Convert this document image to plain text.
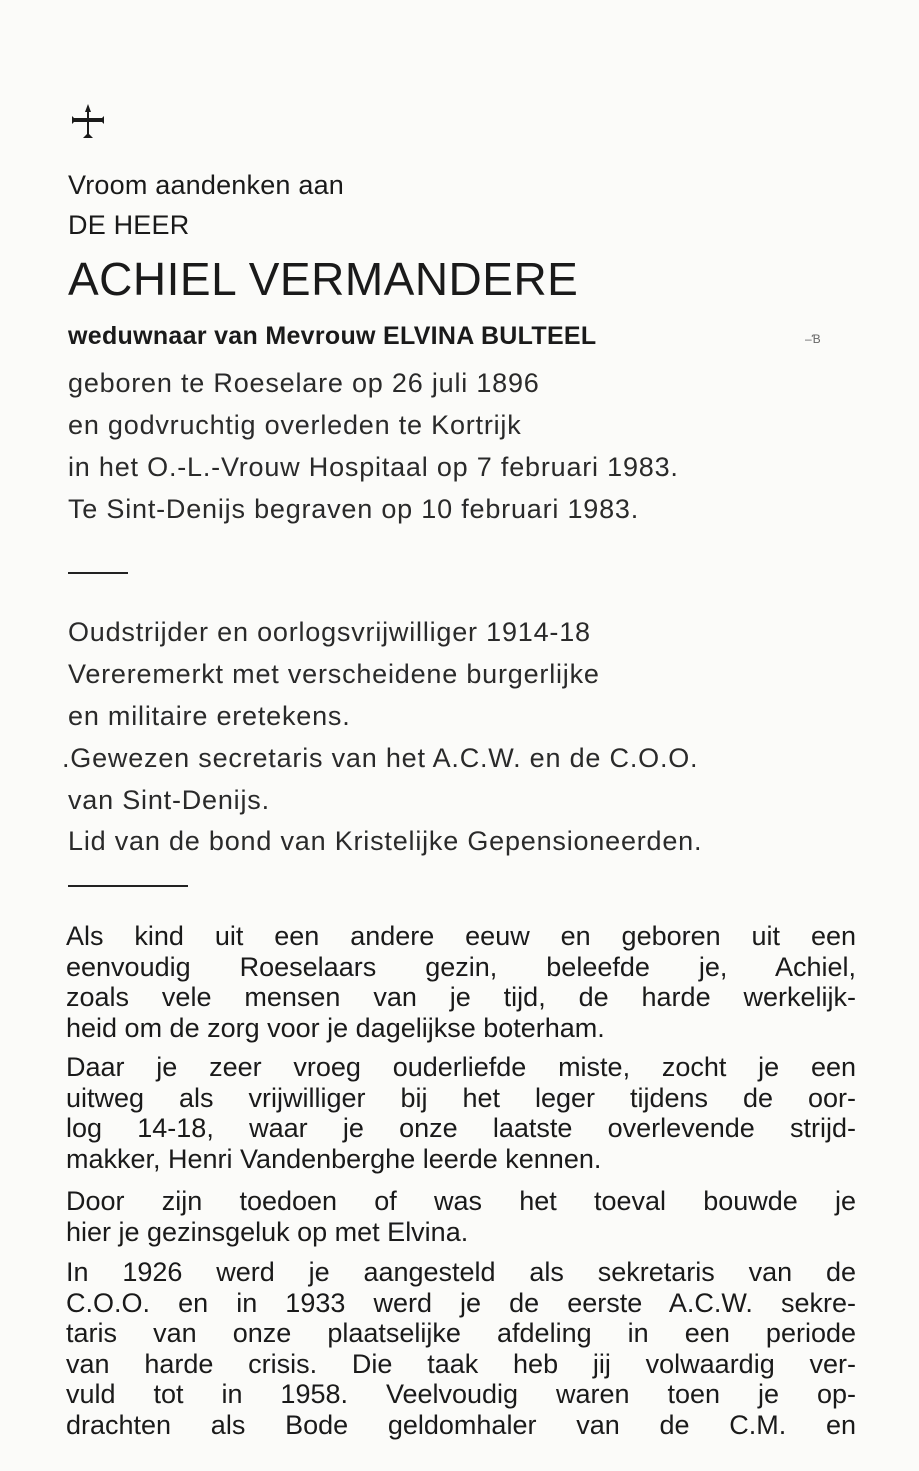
Vroom aandenken aan
DE HEER
ACHIEL VERMANDERE
weduwnaar van Mevrouw ELVINA BULTEEL	–Ɓ
geboren te Roeselare op 26 juli 1896
en godvruchtig overleden te Kortrijk
in het O.-L.-Vrouw Hospitaal op 7 februari 1983.
Te Sint-Denijs begraven op 10 februari 1983.
Oudstrijder en oorlogsvrijwilliger 1914-18
Vereremerkt met verscheidene burgerlijke
en militaire eretekens.
.Gewezen secretaris van het A.C.W. en de C.O.O.
van Sint-Denijs.
Lid van de bond van Kristelijke Gepensioneerden.
Als kind uit een andere eeuw en geboren uit een
eenvoudig Roeselaars gezin, beleefde je, Achiel,
zoals vele mensen van je tijd, de harde werkelijk-
heid om de zorg voor je dagelijkse boterham.
Daar je zeer vroeg ouderliefde miste, zocht je een
uitweg als vrijwilliger bij het leger tijdens de oor-
log 14-18, waar je onze laatste overlevende strijd-
makker, Henri Vandenberghe leerde kennen.
Door zijn toedoen of was het toeval bouwde je
hier je gezinsgeluk op met Elvina.
In 1926 werd je aangesteld als sekretaris van de
C.O.O. en in 1933 werd je de eerste A.C.W. sekre-
taris van onze plaatselijke afdeling in een periode
van harde crisis. Die taak heb jij volwaardig ver-
vuld tot in 1958. Veelvoudig waren toen je op-
drachten als Bode geldomhaler van de C.M. en
